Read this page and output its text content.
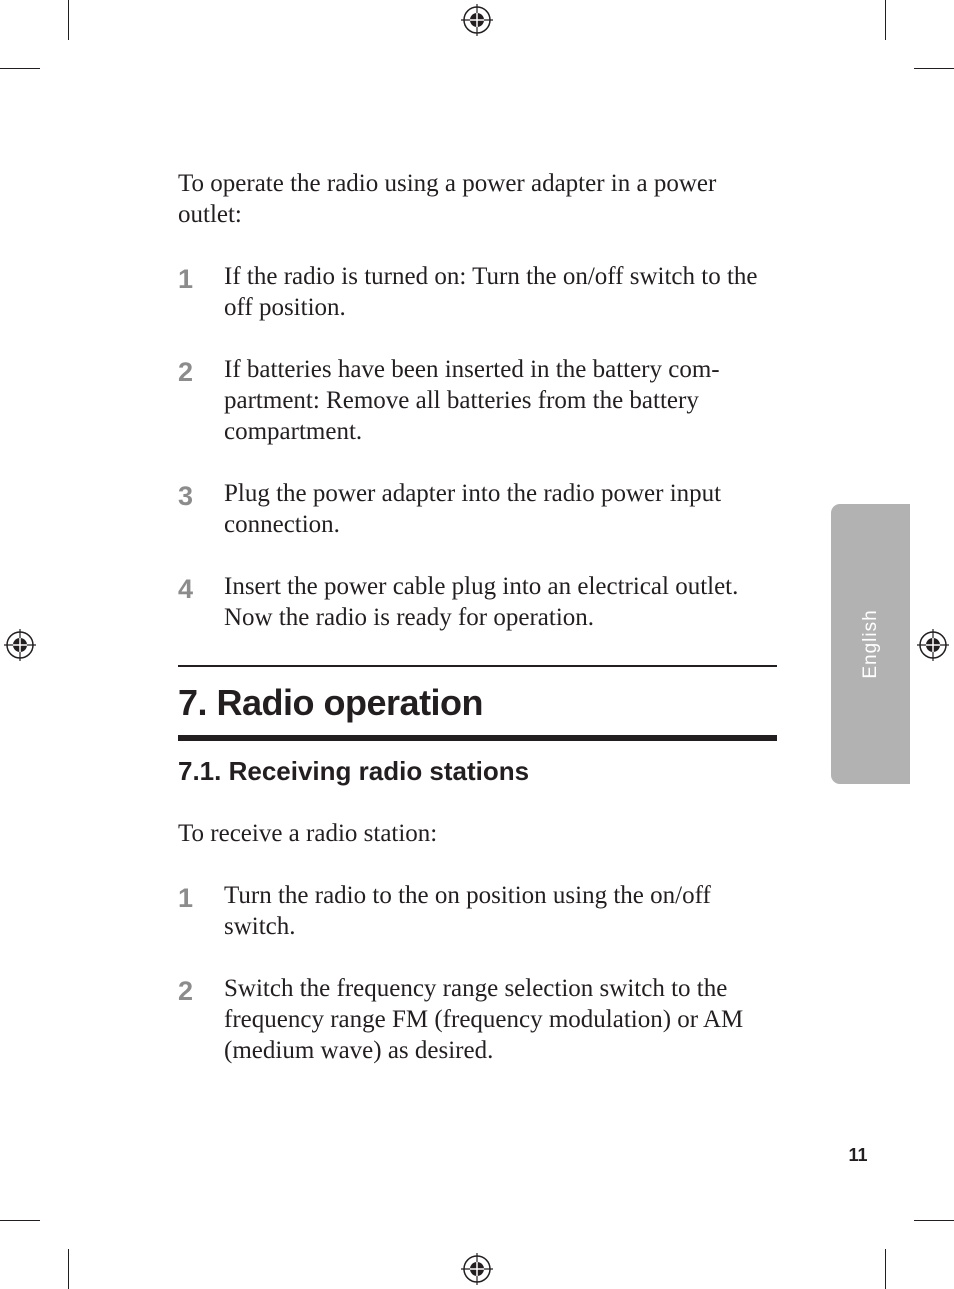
To operate the radio using a power adapter in a power outlet:

1	If the radio is turned on: Turn the on/off switch to the off position.
2	If batteries have been inserted in the battery com-partment: Remove all batteries from the battery compartment.
3	Plug the power adapter into the radio power input connection.
4	Insert the power cable plug into an electrical outlet. Now the radio is ready for operation.
7. Radio operation
7.1. Receiving radio stations

To receive a radio station:

1	Turn the radio to the on position using the on/off switch.
2	Switch the frequency range selection switch to the frequency range FM (frequency modulation) or AM (medium wave) as desired.
English
11
